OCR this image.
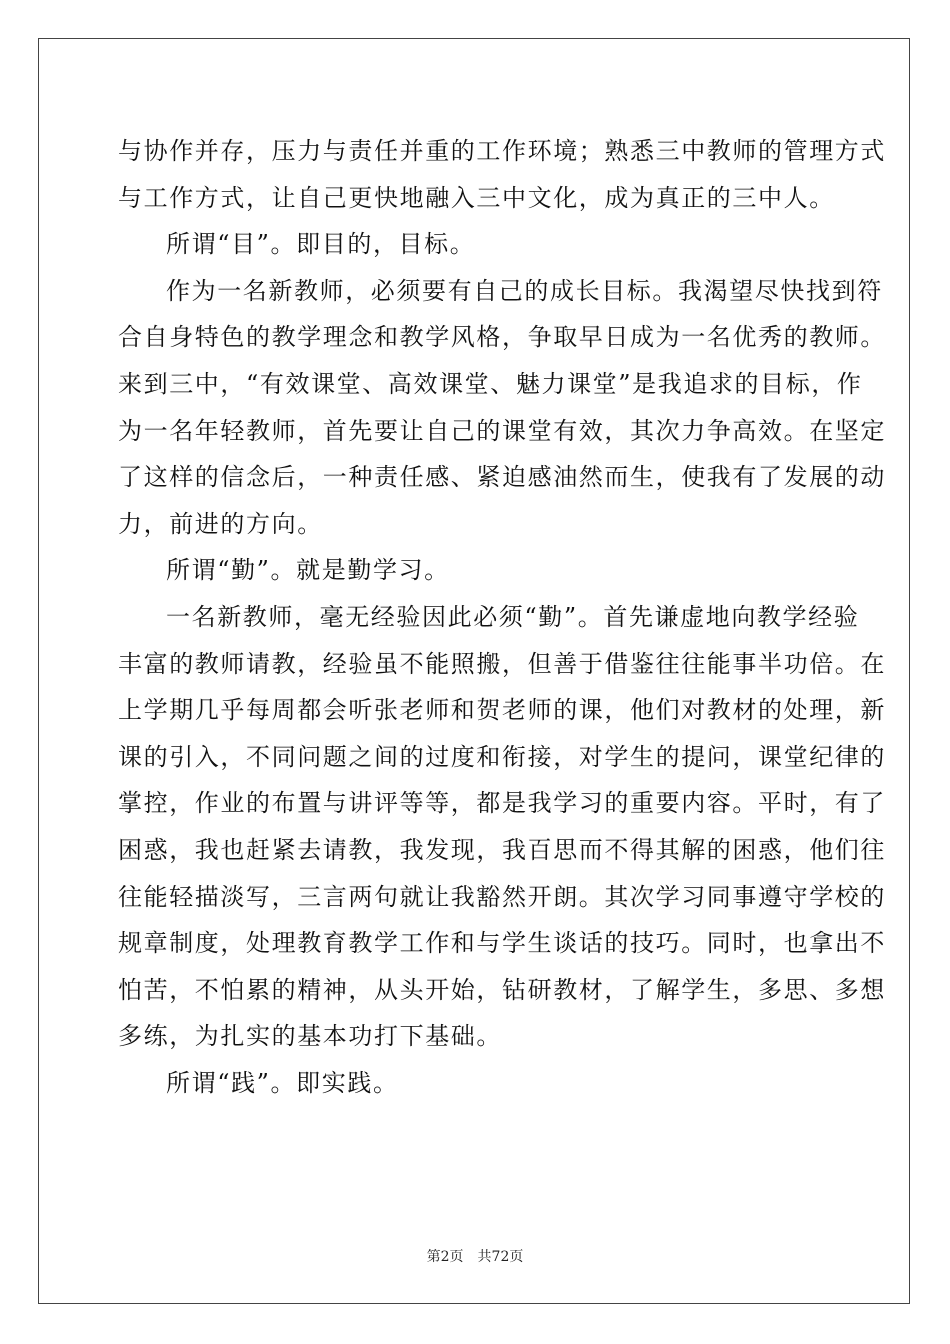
与协作并存，压力与责任并重的工作环境；熟悉三中教师的管理方式

与工作方式，让自己更快地融入三中文化，成为真正的三中人。

所谓“目”。即目的，目标。

作为一名新教师，必须要有自己的成长目标。我渴望尽快找到符

合自身特色的教学理念和教学风格，争取早日成为一名优秀的教师。

来到三中，“有效课堂、高效课堂、魅力课堂”是我追求的目标，作

为一名年轻教师，首先要让自己的课堂有效，其次力争高效。在坚定

了这样的信念后，一种责任感、紧迫感油然而生，使我有了发展的动

力，前进的方向。

所谓“勤”。就是勤学习。

一名新教师，毫无经验因此必须“勤”。首先谦虚地向教学经验

丰富的教师请教，经验虽不能照搬，但善于借鉴往往能事半功倍。在

上学期几乎每周都会听张老师和贺老师的课，他们对教材的处理，新

课的引入，不同问题之间的过度和衔接，对学生的提问，课堂纪律的

掌控，作业的布置与讲评等等，都是我学习的重要内容。平时，有了

困惑，我也赶紧去请教，我发现，我百思而不得其解的困惑，他们往

往能轻描淡写，三言两句就让我豁然开朗。其次学习同事遵守学校的

规章制度，处理教育教学工作和与学生谈话的技巧。同时，也拿出不

怕苦，不怕累的精神，从头开始，钻研教材，了解学生，多思、多想

多练，为扎实的基本功打下基础。

所谓“践”。即实践。

第2页　共72页
